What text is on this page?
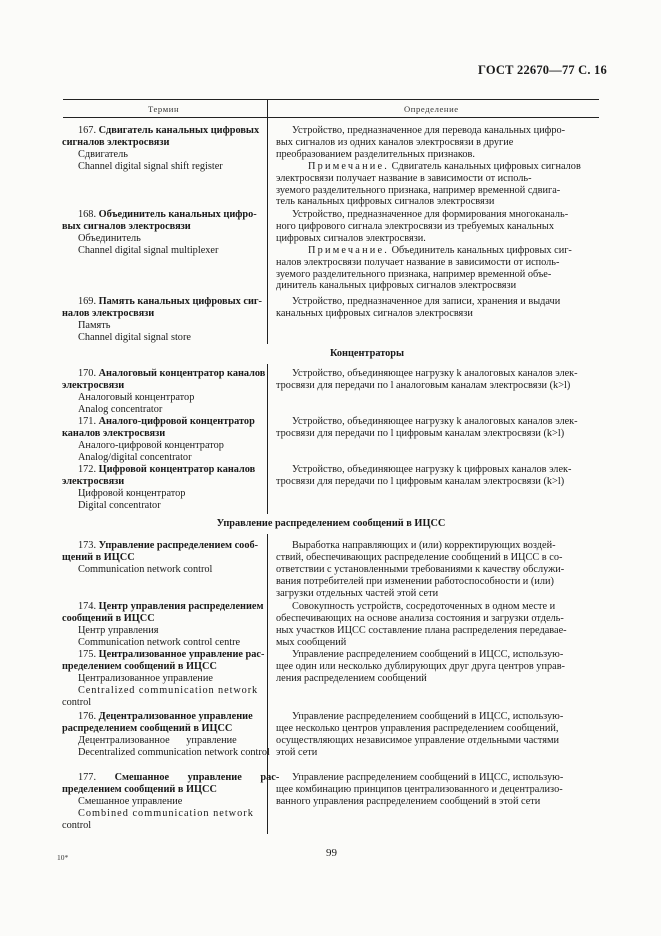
ГОСТ 22670—77 С. 16
Термин	Определение
167. Сдвигатель канальных цифровых
сигналов электросвязи
Сдвигатель
Channel digital signal shift register
Устройство, предназначенное для перевода канальных цифро-
вых сигналов из одних каналов электросвязи в другие
преобразованием разделительных признаков.
Примечание. Сдвигатель канальных цифровых сигналов
электросвязи получает название в зависимости от исполь-
зуемого разделительного признака, например временной сдвига-
тель канальных цифровых сигналов электросвязи
168. Объединитель канальных цифро-
вых сигналов электросвязи
Объединитель
Channel digital signal multiplexer
Устройство, предназначенное для формирования многоканаль-
ного цифрового сигнала электросвязи из требуемых канальных
цифровых сигналов электросвязи.
Примечание. Объединитель канальных цифровых сиг-
налов электросвязи получает название в зависимости от исполь-
зуемого разделительного признака, например временной объе-
динитель канальных цифровых сигналов электросвязи
169. Память канальных цифровых сиг-
налов электросвязи
Память
Channel digital signal store
Устройство, предназначенное для записи, хранения и выдачи
канальных цифровых сигналов электросвязи
Концентраторы
170. Аналоговый концентратор каналов
электросвязи
Аналоговый концентратор
Analog concentrator
Устройство, объединяющее нагрузку k аналоговых каналов элек-
тросвязи для передачи по l аналоговым каналам электросвязи (k>l)
171. Аналого-цифровой концентратор
каналов электросвязи
Аналого-цифровой концентратор
Analog/digital concentrator
Устройство, объединяющее нагрузку k аналоговых каналов элек-
тросвязи для передачи по l цифровым каналам электросвязи (k>l)
172. Цифровой концентратор каналов
электросвязи
Цифровой концентратор
Digital concentrator
Устройство, объединяющее нагрузку k цифровых каналов элек-
тросвязи для передачи по l цифровым каналам электросвязи (k>l)
Управление распределением сообщений в ИЦСС
173. Управление распределением сооб-
щений в ИЦСС
Communication network control
Выработка направляющих и (или) корректирующих воздей-
ствий, обеспечивающих распределение сообщений в ИЦСС в со-
ответствии с установленными требованиями к качеству обслужи-
вания потребителей при изменении работоспособности и (или)
загрузки отдельных частей этой сети
174. Центр управления распределением
сообщений в ИЦСС
Центр управления
Communication network control centre
Совокупность устройств, сосредоточенных в одном месте и
обеспечивающих на основе анализа состояния и загрузки отдель-
ных участков ИЦСС составление плана распределения передавае-
мых сообщений
175. Централизованное управление рас-
пределением сообщений в ИЦСС
Централизованное управление
Centralized communication network
control
Управление распределением сообщений в ИЦСС, использую-
щее один или несколько дублирующих друг друга центров управ-
ления распределением сообщений
176. Децентрализованное управление
распределением сообщений в ИЦСС
Децентрализованное управление
Decentralized communication network control
Управление распределением сообщений в ИЦСС, использую-
щее несколько центров управления распределением сообщений,
осуществляющих независимое управление отдельными частями
этой сети
177. Смешанное управление рас-
пределением сообщений в ИЦСС
Смешанное управление
Combined communication network
control
Управление распределением сообщений в ИЦСС, использую-
щее комбинацию принципов централизованного и децентрализо-
ванного управления распределением сообщений в этой сети
10*	99
